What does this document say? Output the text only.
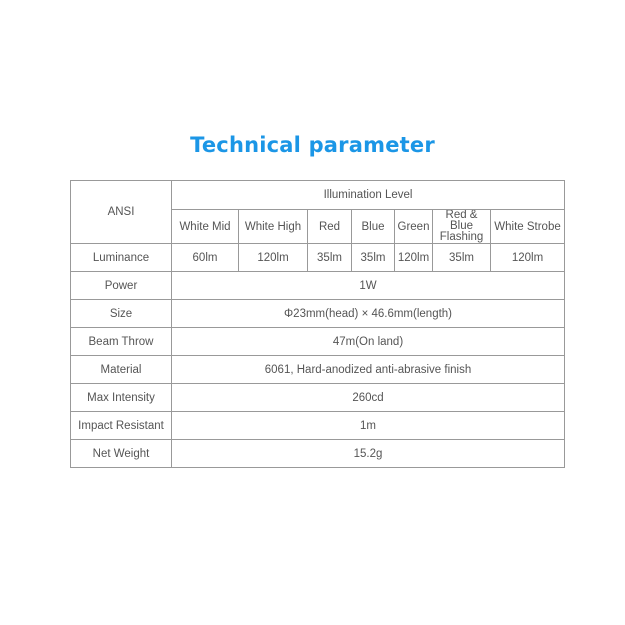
Technical parameter
ANSI	Illumination Level						
	White Mid	White High	Red	Blue	Green	Red & Blue Flashing	White Strobe
Luminance	60lm	120lm	35lm	35lm	120lm	35lm	120lm
Power	1W						
Size	Φ23mm(head) × 46.6mm(length)						
Beam Throw	47m(On land)						
Material	6061, Hard-anodized anti-abrasive finish						
Max Intensity	260cd						
Impact Resistant	1m						
Net Weight	15.2g						
